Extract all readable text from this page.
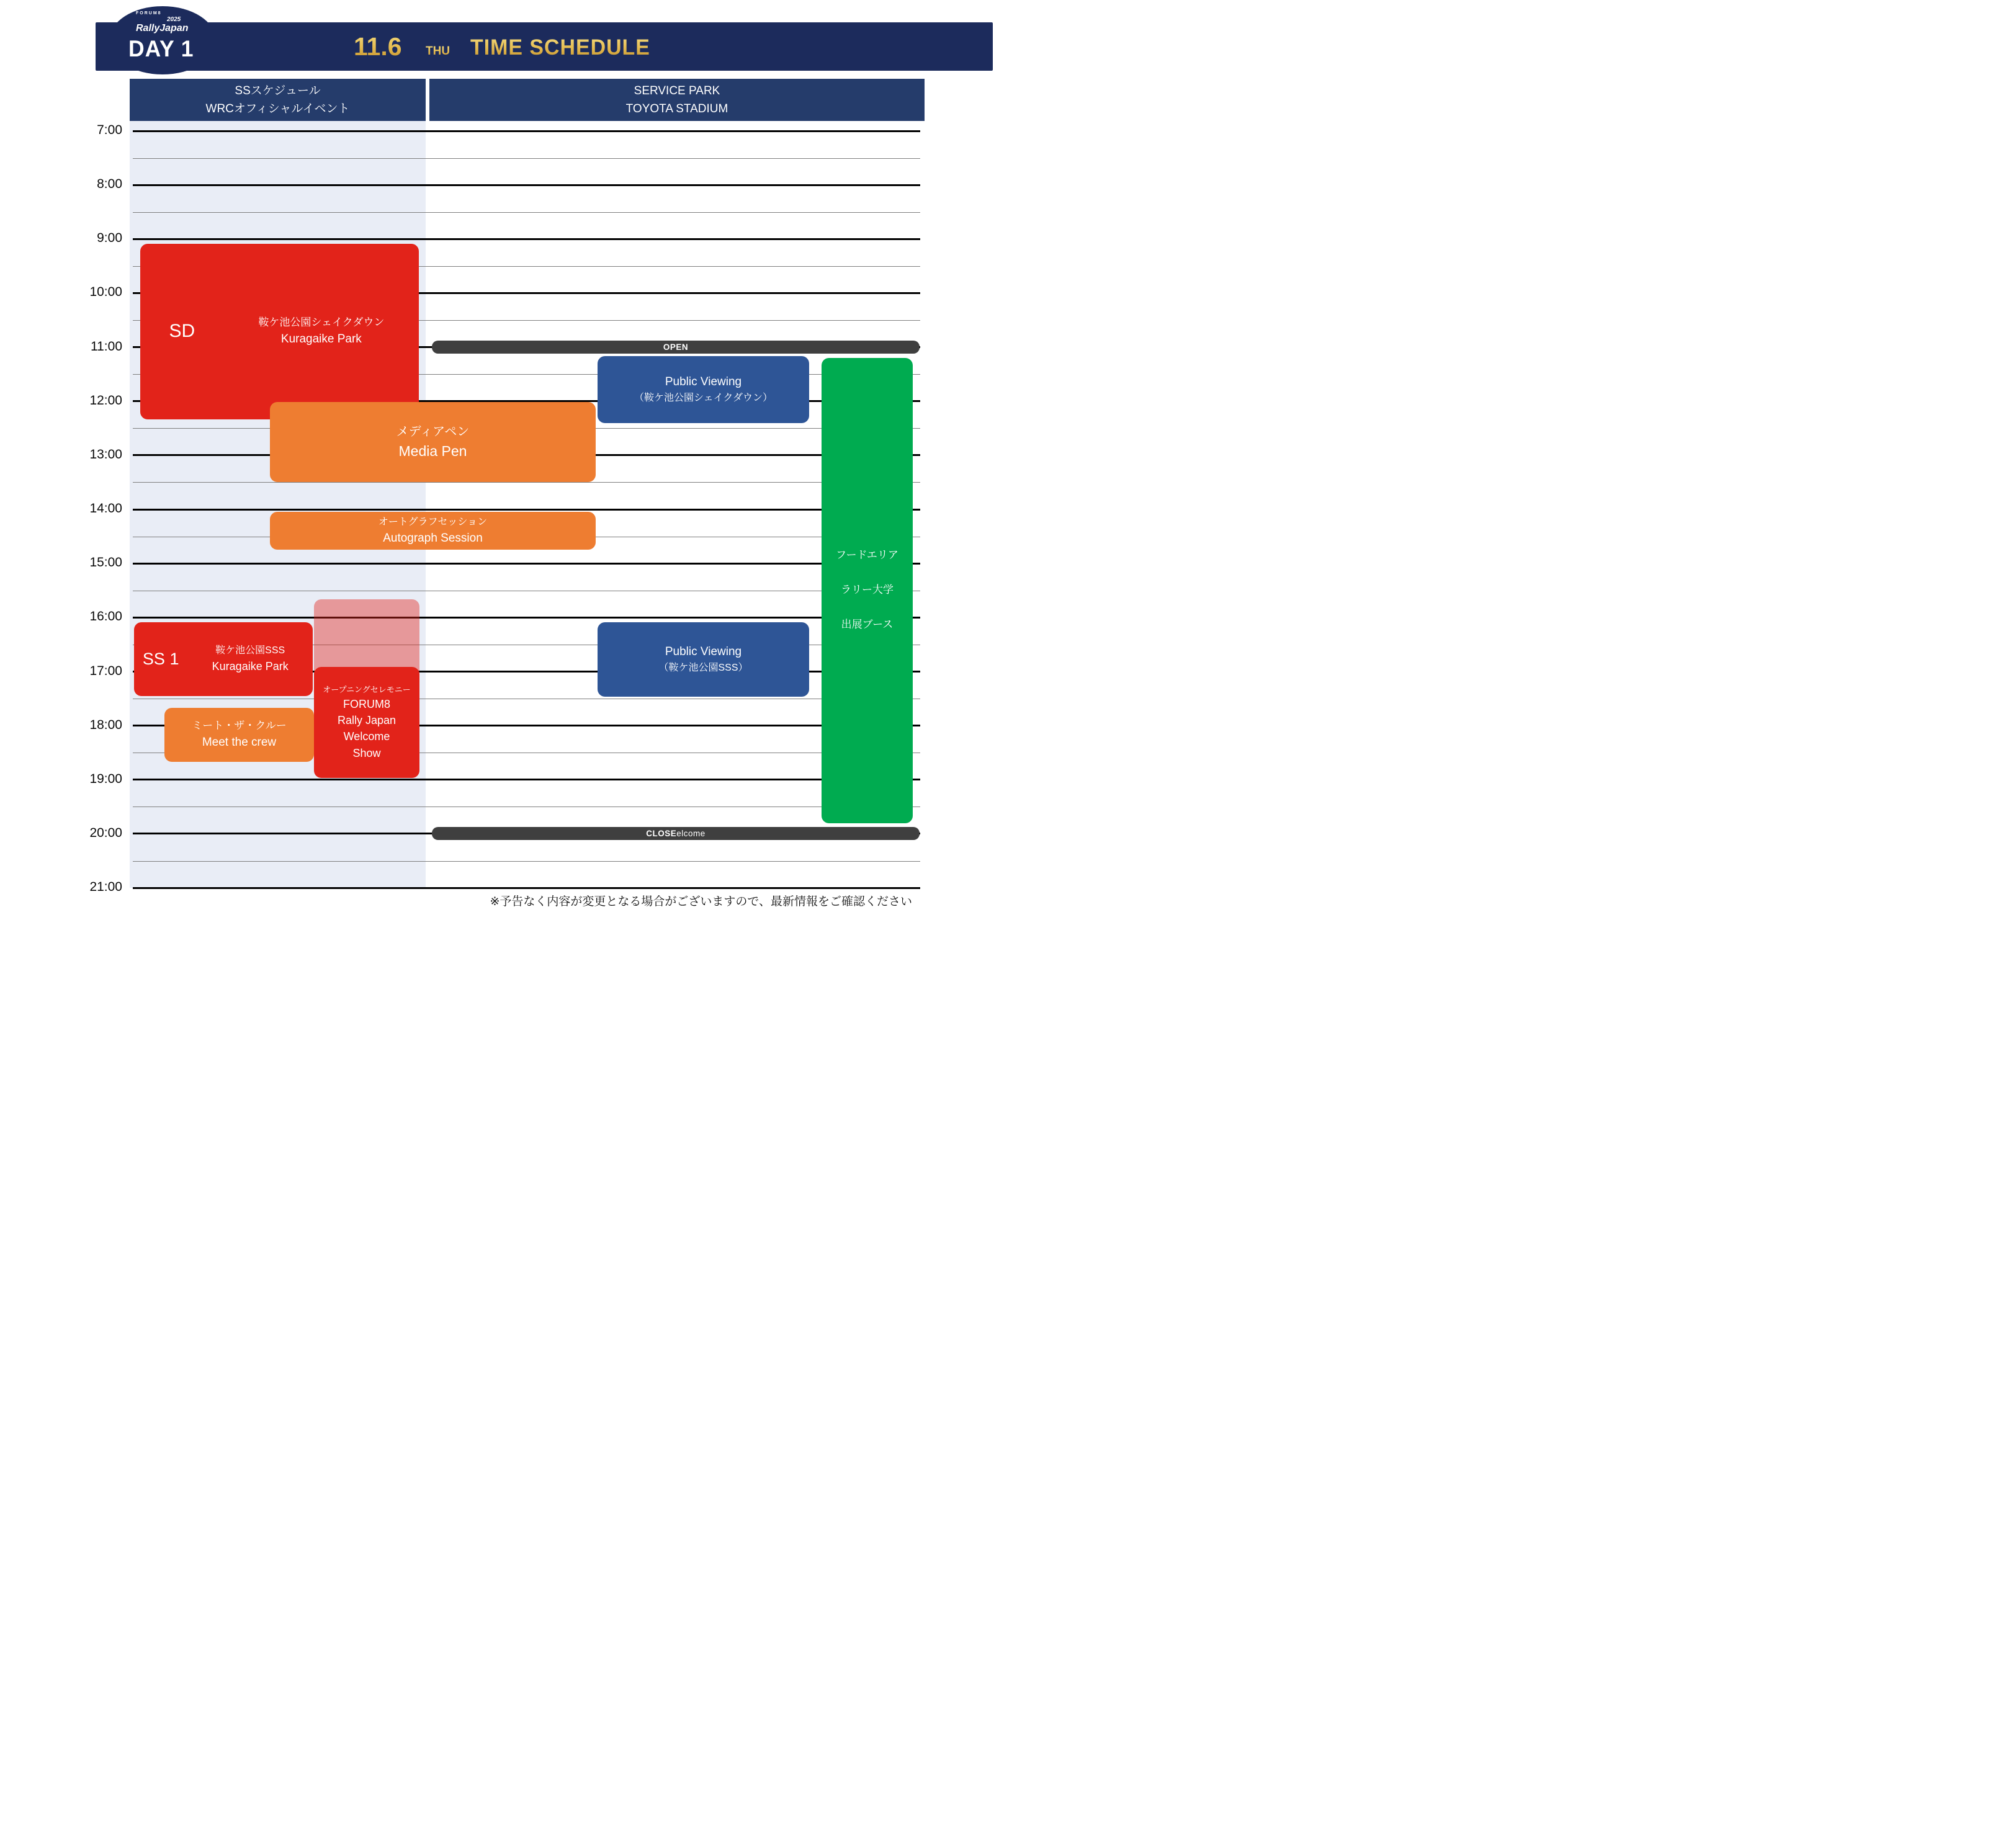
FORUM8
2025
RallyJapan
DAY 1	11.6 THU TIME SCHEDULE
SSスケジュール
WRCオフィシャルイベント
SERVICE PARK
TOYOTA STADIUM
7:00
8:00
9:00
10:00
11:00
12:00
13:00
14:00
15:00
16:00
17:00
18:00
19:00
20:00
21:00
SD	鞍ケ池公園シェイクダウン
Kuragaike Park
メディアペン
Media Pen
オートグラフセッション
Autograph Session
SS 1	鞍ケ池公園SSS
Kuragaike Park
オープニングセレモニー
FORUM8
Rally Japan
Welcome
Show
ミート・ザ・クルー
Meet the crew
OPEN
Public Viewing
（鞍ケ池公園シェイクダウン）
フードエリア
ラリー大学
出展ブース
Public Viewing
（鞍ケ池公園SSS）
CLOSE elcome
※予告なく内容が変更となる場合がございますので、最新情報をご確認ください
